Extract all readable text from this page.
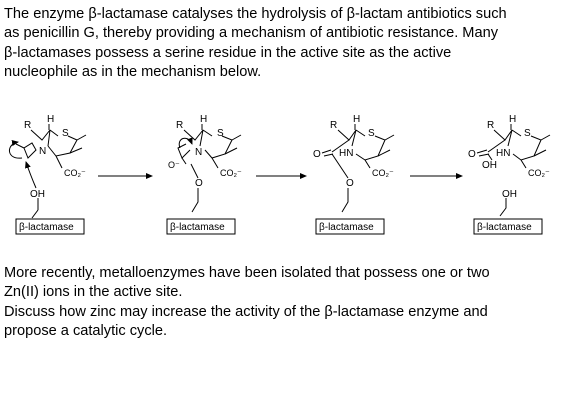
The enzyme β-lactamase catalyses the hydrolysis of β-lactam antibiotics such
as penicillin G, thereby providing a mechanism of antibiotic resistance. Many
β-lactamases possess a serine residue in the active site as the active
nucleophile as in the mechanism below.
R
H
S
N
CO₂⁻
OH
β-lactamase
R
H
S
N
CO₂⁻
O⁻
O
β-lactamase
R
H
S
HN
O
CO₂⁻
O
β-lactamase
R
H
S
HN
O
OH
CO₂⁻
OH
β-lactamase
More recently, metalloenzymes have been isolated that possess one or two
Zn(II) ions in the active site.
Discuss how zinc may increase the activity of the β-lactamase enzyme and
propose a catalytic cycle.
